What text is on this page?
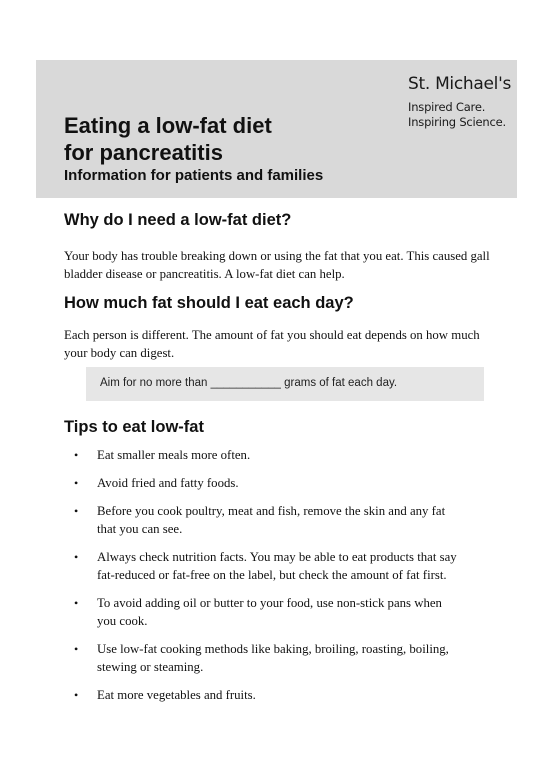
St. Michael's
Inspired Care.
Inspiring Science.
Eating a low-fat diet
for pancreatitis

Information for patients and families

Why do I need a low-fat diet?

Your body has trouble breaking down or using the fat that you eat. This caused gall bladder disease or pancreatitis. A low-fat diet can help.

How much fat should I eat each day?

Each person is different. The amount of fat you should eat depends on how much your body can digest.

Aim for no more than ___________ grams of fat each day.
Tips to eat low-fat
• Eat smaller meals more often.
• Avoid fried and fatty foods.
• Before you cook poultry, meat and fish, remove the skin and any fat that you can see.
• Always check nutrition facts. You may be able to eat products that say fat-reduced or fat-free on the label, but check the amount of fat first.
• To avoid adding oil or butter to your food, use non-stick pans when you cook.
• Use low-fat cooking methods like baking, broiling, roasting, boiling, stewing or steaming.
• Eat more vegetables and fruits.
